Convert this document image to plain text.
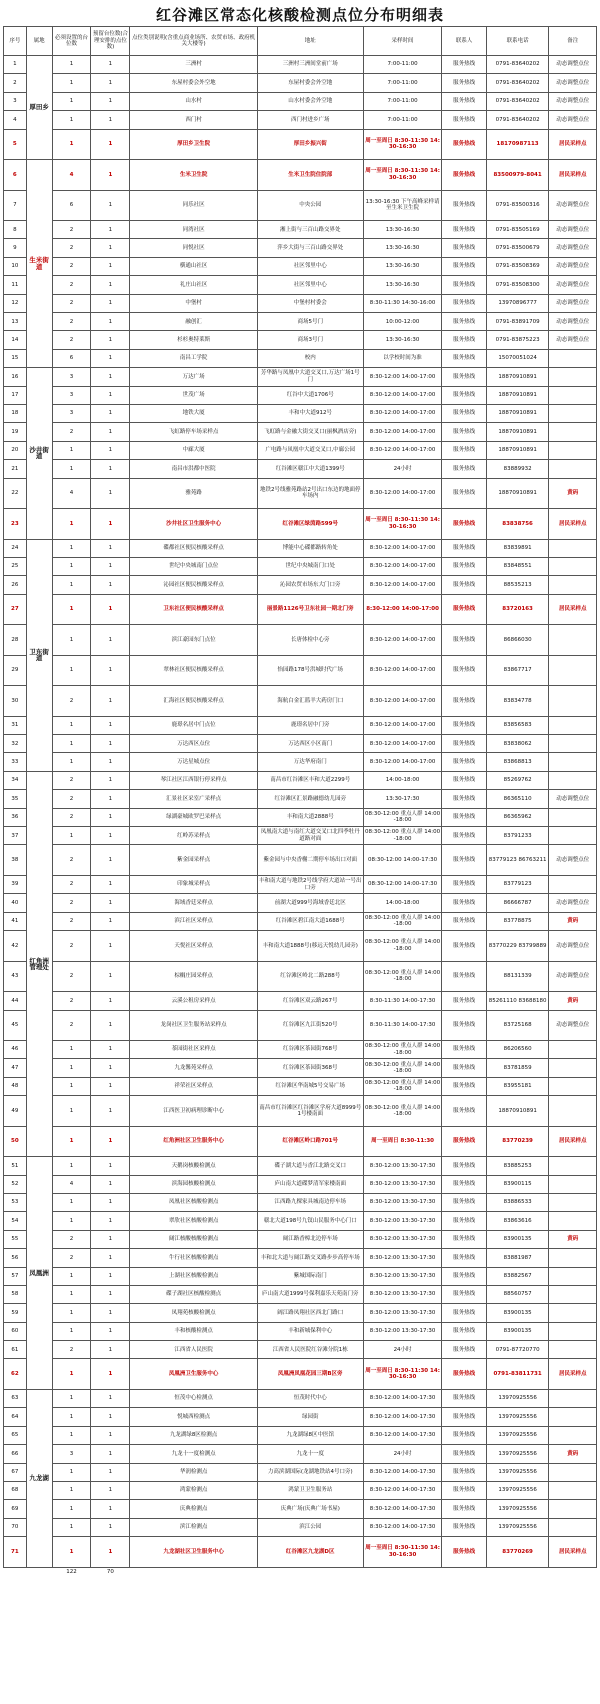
红谷滩区常态化核酸检测点位分布明细表
序号	属地	必须设置的台位数	预留台位数(合理安排的点位数)	点位类别说明(含重点商业场所、农贸市场、政府机关大楼等)	地址	采样时间	联系人	联系电话	备注
1	厚田乡	1	1	三洲村	三洲村三洲间堂前广场	7:00-11:00	服务热线	0791-83640202	动态调整点位
2		1	1	东屋村委会外空地	东屋村委会外空地	7:00-11:00	服务热线	0791-83640202	动态调整点位
3		1	1	山水村	山水村委会外空地	7:00-11:00	服务热线	0791-83640202	动态调整点位
4		1	1	西门村	西门村进乡广场	7:00-11:00	服务热线	0791-83640202	动态调整点位
5		1	1	厚田乡卫生院	厚田乡振兴街	周一至周日 8:30-11:30 14:30-16:30	服务热线	18170987113	居民采样点
6	生米街道	4	1	生米卫生院	生米卫生院住院部	周一至周日 8:30-11:30 14:30-16:30	服务热线	83500979-8041	居民采样点
7		6	1	同乐社区	中央公园	13:30-16:30 下午高峰采样请至生米卫生院	服务热线	0791-83500316	动态调整点位
8		2	1	同湾社区	湘上街与三百山路交界处	13:30-16:30	服务热线	0791-83505169	动态调整点位
9		2	1	同悦社区	萍乡大街与三百山路交界处	13:30-16:30	服务热线	0791-83500679	动态调整点位
10		2	1	横通山社区	社区邻里中心	13:30-16:30	服务热线	0791-83508369	动态调整点位
11		2	1	礼庄山社区	社区邻里中心	13:30-16:30	服务热线	0791-83508300	动态调整点位
12		2	1	中堡村	中堡村村委会	8:30-11:30 14:30-16:00	服务热线	13970896777	动态调整点位
13		2	1	融创汇	商场5号门	10:00-12:00	服务热线	0791-83891709	动态调整点位
14		2	1	杉杉奥特莱斯	商场3号门	13:30-16:30	服务热线	0791-83875223	动态调整点位
15		6	1	南昌工学院	校内	以学校时间为准	服务热线	15070051024	
16	沙井街道	3	1	万达广场	芳华路与凤凰中大道交叉口,万达广场1号门	8:30-12:00 14:00-17:00	服务热线	18870910891	
17		3	1	世茂广场	红谷中大道1706号	8:30-12:00 14:00-17:00	服务热线	18870910891	
18		3	1	地铁大厦	丰和中大道912号	8:30-12:00 14:00-17:00	服务热线	18870910891	
19		2	1	飞虹路停车场采样点	飞虹路与金融大街交叉口(丽枫酒店旁)	8:30-12:00 14:00-17:00	服务热线	18870910891	
20		1	1	中廊大厦	广电路与凤凰中大道交叉口,中廊公园	8:30-12:00 14:00-17:00	服务热线	18870910891	
21		1	1	南昌市洪都中医院	红谷滩区赣江中大道1399号	24小时	服务热线	83889932	
22		4	1	雅苑路	地铁2号线雅苑路站2号出口东边的地面停车场内	8:30-12:00 14:00-17:00	服务热线	18870910891	黄码
23		1	1	沙井社区卫生服务中心	红谷滩区绿茵路599号	周一至周日 8:30-11:30 14:30-16:30	服务热线	83838756	居民采样点
24	卫东街道	1	1	碟都社区便民核酸采样点	博能中心碟都路转角处	8:30-12:00 14:00-17:00	服务热线	83839891	
25		1	1	世纪中央城南门点位	世纪中央城南门口处	8:30-12:00 14:00-17:00	服务热线	83848551	
26		1	1	沁园社区便民核酸采样点	沁园农贸市场东大门口旁	8:30-12:00 14:00-17:00	服务热线	88535213	
27		1	1	卫东社区便民核酸采样点	丽景路1126号卫东社园一期北门旁	8:30-12:00 14:00-17:00	服务热线	83720163	居民采样点
28		1	1	滨江豪园东门点位	长唐体检中心旁	8:30-12:00 14:00-17:00	服务热线	86866030	
29		1	1	翠林社区便民核酸采样点	怡园路178号洪城时代广场	8:30-12:00 14:00-17:00	服务热线	83867717	
30		2	1	汇海社区便民核酸采样点	海航白金汇篮羊大药房门口	8:30-12:00 14:00-17:00	服务热线	83834778	
31		1	1	鹿璟名居中门点位	鹿璟名居中门旁	8:30-12:00 14:00-17:00	服务热线	83856583	
32		1	1	万达西区点位	万达西区小区南门	8:30-12:00 14:00-17:00	服务热线	83838062	
33		1	1	万达星城点位	万达华府南门	8:30-12:00 14:00-17:00	服务热线	83868813	
34	红角洲管理处	2	1	琴江社区江西银行停采样点	南昌市红谷滩区丰和大道2299号	14:00-18:00	服务热线	85269762	
35		2	1	汇景社区采室广采样点	红谷滩区汇景路融德幼儿园旁	13:30-17:30	服务热线	86365110	动态调整点位
36		2	1	绿湖豪城欧罗巴采样点	丰和南大道2888号	08:30-12:00 重点人群 14:00-18:00	服务热线	86365962	
37		1	1	红岭苏采样点	凤凰南大道与南红大道交叉口北四季牡丹道路对面	08:30-12:00 重点人群 14:00-18:00	服务热线	83791233	
38		2	1	紫金园采样点	紫金园与中央香榭二期停车场出口对面	08:30-12:00 14:00-17:30	服务热线	83779123 86763211	动态调整点位
39		2	1	印象城采样点	丰和南大道与地铁2号线学府大道站一号出口旁	08:30-12:00 14:00-17:30	服务热线	83779123	
40		2	1	海域香廷采样点	前湖大道999号海域香廷北区	14:00-18:00	服务热线	86666787	动态调整点位
41		2	1	滨江社区采样点	红谷滩区碧江南大道1688号	08:30-12:00 重点人群 14:00-18:00	服务热线	83778875	黄码
42		2	1	天悦社区采样点	丰和南大道1888号(移远天悦幼儿园旁)	08:30-12:00 重点人群 14:00-18:00	服务热线	83770229 83799889	动态调整点位
43		2	1	棕榈庄园采样点	红谷滩区岭北二路288号	08:30-12:00 重点人群 14:00-18:00	服务热线	88131339	动态调整点位
44		2	1	云溪公租房采样点	红谷滩区双云路267号	8:30-11:30 14:00-17:30	服务热线	85261110 83688180	黄码
45		2	1	龙岗社区卫生服务站采样点	红谷滩区九江街520号	8:30-11:30 14:00-17:30	服务热线	83725168	动态调整点位
46		1	1	茶园街社区采样点	红谷滩区茶园街768号	08:30-12:00 重点人群 14:00-18:00	服务热线	86206560	
47		1	1	九龙馨苑采样点	红谷滩区茶园街368号	08:30-12:00 重点人群 14:00-18:00	服务热线	83781859	
48		1	1	祥荣社区采样点	红谷滩区华南城5号交易广场	08:30-12:00 重点人群 14:00-18:00	服务热线	83955181	
49		1	1	江西医卫初病理诊断中心	南昌市红谷滩区红谷滩区学府大道8999号1号楼南面	08:30-12:00 重点人群 14:00-18:00	服务热线	18870910891	
50		1	1	红角洲社区卫生服务中心	红谷滩区岭口路701号	周一至周日 8:30-11:30	服务热线	83770239	居民采样点
51	凤凰洲	1	1	天鹅岗核酸检测点	碟子湖大道与香江北路交叉口	8:30-12:00 13:30-17:30	服务热线	83885253	
52		4	1	滨海园核酸检测点	庐山南大道碟梦清军家楼南面	8:30-12:00 13:30-17:30	服务热线	83900115	
53		1	1	凤凰社区核酸检测点	江西路九棵家具城南边停车场	8:30-12:00 13:30-17:30	服务热线	83886533	
54		1	1	翠欣社区核酸检测点	赣北大道198号九钗山民服务中心门口	8:30-12:00 13:30-17:30	服务热线	83863616	
55		2	1	阔江核酸核酸检测点	阔江路香樟北边停车场	8:30-12:00 13:30-17:30	服务热线	83900135	黄码
56		2	1	牛行社区核酸检测点	丰和北大道与阔江路交叉路步步高停车场	8:30-12:00 13:30-17:30	服务热线	83881987	
57		1	1	上湖社区核酸检测点	紫城国际南门	8:30-12:00 13:30-17:30	服务热线	83882567	
58		1	1	碟子湖社区核酸检测点	庐山南大道1999号保利嘉乐天苑南门旁	8:30-12:00 13:30-17:30	服务热线	88560757	
59		1	1	凤翔苑核酸检测点	阔江路凤翔社区西北门路口	8:30-12:00 13:30-17:30	服务热线	83900135	
60		1	1	丰和核酸检测点	丰和新城保利中心	8:30-12:00 13:30-17:30	服务热线	83900135	
61		2	1	江西省人民医院	江西省人民医院红谷滩分院1栋	24小时	服务热线	0791-87720770	
62		1	1	凤凰洲卫生服务中心	凤凰洲凤凰花园三期B区旁	周一至周日 8:30-11:30 14:30-16:30	服务热线	0791-83811731	居民采样点
63	九龙湖	1	1	恒茂中心检测点	恒茂时代中心	8:30-12:00 14:00-17:30	服务热线	13970925556	
64		1	1	悦城西检测点	绿园街	8:30-12:00 14:00-17:30	服务热线	13970925556	
65		1	1	九龙湖绿8区检测点	九龙湖绿8区中医馆	8:30-12:00 14:00-17:30	服务热线	13970925556	
66		3	1	九龙十一度检测点	九龙十一度	24小时	服务热线	13970925556	黄码
67		1	1	华润检测点	力高滨湖国际(龙湖地铁站4号口旁)	8:30-12:00 14:00-17:30	服务热线	13970925556	
68		1	1	鸿蒙检测点	鸿蒙卫卫生服务站	8:30-12:00 14:00-17:30	服务热线	13970925556	
69		1	1	庆典检测点	庆典广场(庆典广场书屋)	8:30-12:00 14:00-17:30	服务热线	13970925556	
70		1	1	滨江检测点	滨江公园	8:30-12:00 14:00-17:30	服务热线	13970925556	
71		1	1	九龙湖社区卫生服务中心	红谷滩区九龙湖D区	周一至周日 8:30-11:30 14:30-16:30	服务热线	83770269	居民采样点
		122	70						
